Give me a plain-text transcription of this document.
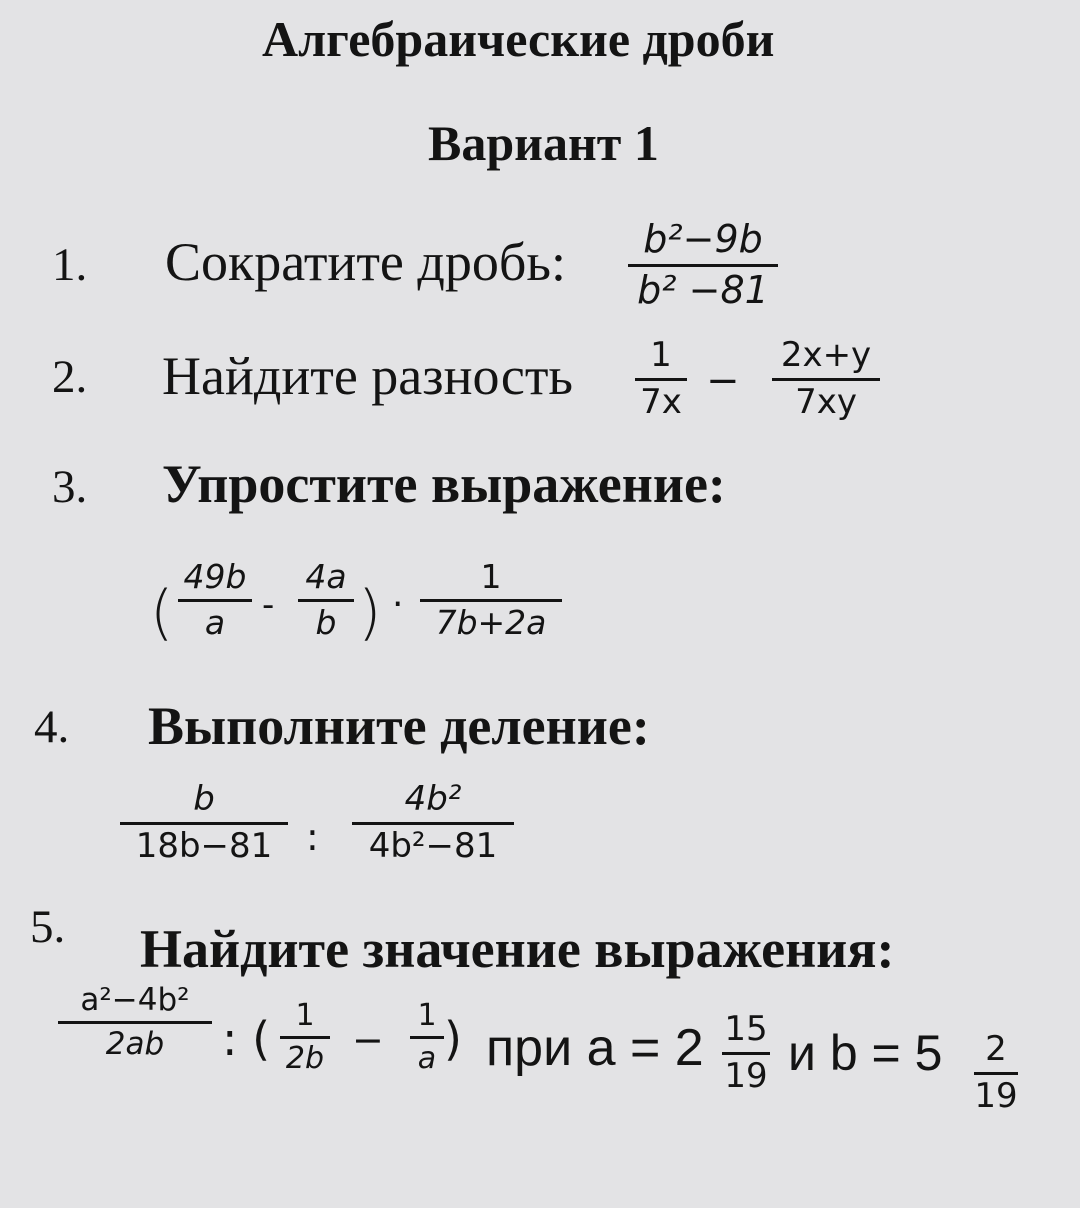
Алгебраические дроби
Вариант 1
1. Сократите дробь: b²−9b
b² −81
2. Найдите разность 1
7x −
2x+y
7xy
3. Упростите выражение:
(
49b
a -
4a
b ) ·
1
7b+2a
4. Выполните деление:
b
18b−81 :
4b²
4b²−81
5. Найдите значение выражения:
a²−4b²
2ab : ( 1
2b −
1
a ) при a = 2 15
19 и b = 5 2
19
